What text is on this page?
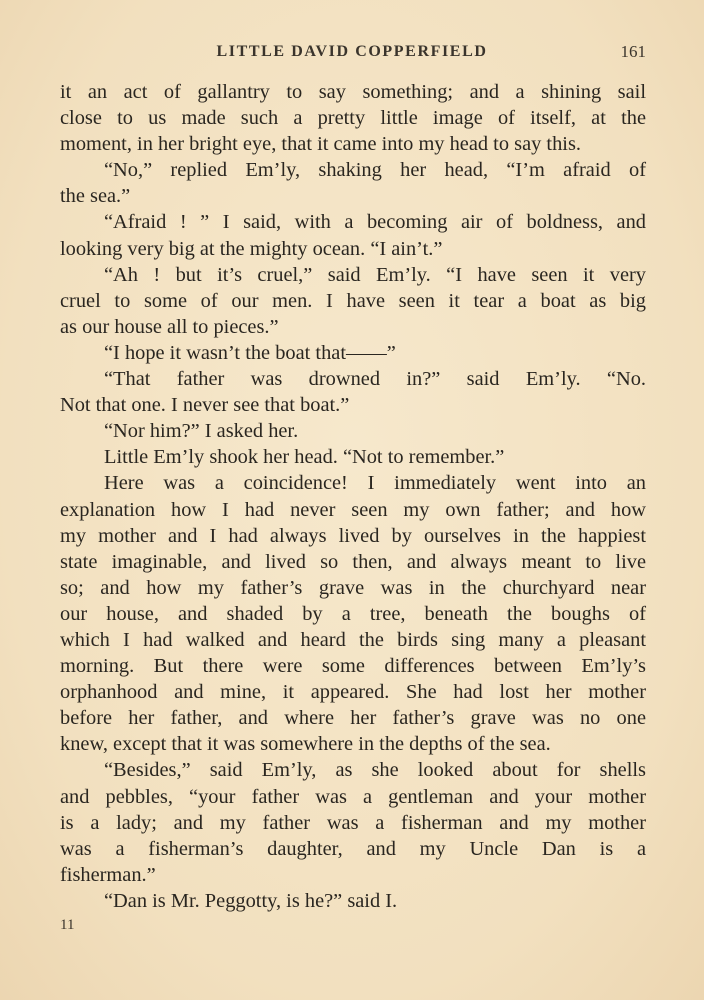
LITTLE DAVID COPPERFIELD	161
it an act of gallantry to say something; and a shining sail
close to us made such a pretty little image of itself, at the
moment, in her bright eye, that it came into my head to say this.
“No,” replied Em’ly, shaking her head, “I’m afraid of
the sea.”
“Afraid ! ” I said, with a becoming air of boldness, and
looking very big at the mighty ocean. “I ain’t.”
“Ah ! but it’s cruel,” said Em’ly. “I have seen it very
cruel to some of our men. I have seen it tear a boat as big
as our house all to pieces.”
“I hope it wasn’t the boat that——”
“That father was drowned in?” said Em’ly. “No.
Not that one. I never see that boat.”
“Nor him?” I asked her.
Little Em’ly shook her head. “Not to remember.”
Here was a coincidence! I immediately went into an
explanation how I had never seen my own father; and how
my mother and I had always lived by ourselves in the happiest
state imaginable, and lived so then, and always meant to live
so; and how my father’s grave was in the churchyard near
our house, and shaded by a tree, beneath the boughs of
which I had walked and heard the birds sing many a pleasant
morning. But there were some differences between Em’ly’s
orphanhood and mine, it appeared. She had lost her mother
before her father, and where her father’s grave was no one
knew, except that it was somewhere in the depths of the sea.
“Besides,” said Em’ly, as she looked about for shells
and pebbles, “your father was a gentleman and your mother
is a lady; and my father was a fisherman and my mother
was a fisherman’s daughter, and my Uncle Dan is a
fisherman.”
“Dan is Mr. Peggotty, is he?” said I.
11
